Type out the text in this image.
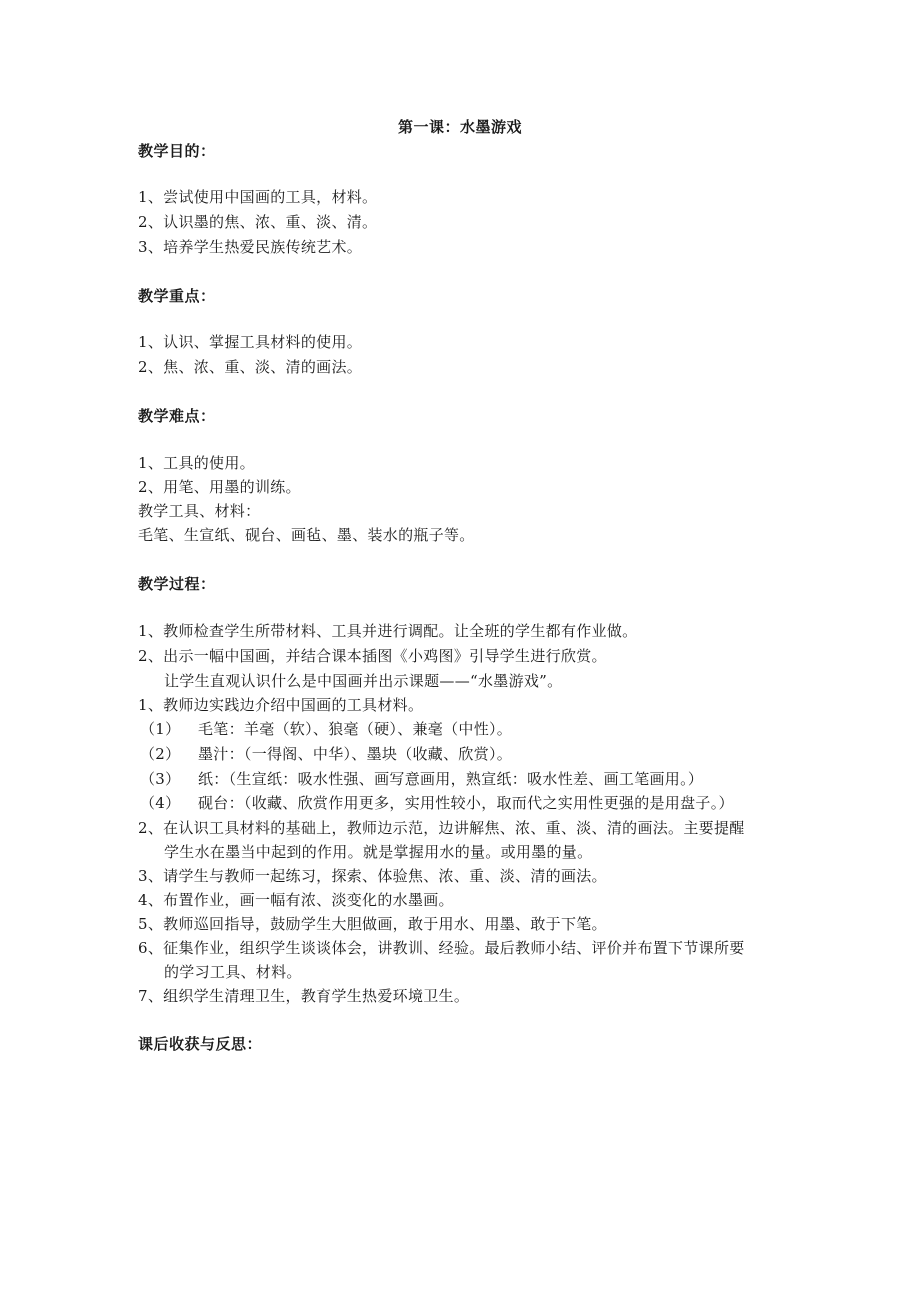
第一课：水墨游戏
教学目的：
1、尝试使用中国画的工具，材料。
2、认识墨的焦、浓、重、淡、清。
3、培养学生热爱民族传统艺术。
教学重点：
1、认识、掌握工具材料的使用。
2、焦、浓、重、淡、清的画法。
教学难点：
1、工具的使用。
2、用笔、用墨的训练。
教学工具、材料：
毛笔、生宣纸、砚台、画毡、墨、装水的瓶子等。
教学过程：
1、教师检查学生所带材料、工具并进行调配。让全班的学生都有作业做。
2、出示一幅中国画，并结合课本插图《小鸡图》引导学生进行欣赏。
让学生直观认识什么是中国画并出示课题——“水墨游戏”。
1、教师边实践边介绍中国画的工具材料。
（1） 毛笔：羊毫（软）、狼毫（硬）、兼毫（中性）。
（2） 墨汁：（一得阁、中华）、墨块（收藏、欣赏）。
（3） 纸：（生宣纸：吸水性强、画写意画用，熟宣纸：吸水性差、画工笔画用。）
（4） 砚台：（收藏、欣赏作用更多，实用性较小，取而代之实用性更强的是用盘子。）
2、在认识工具材料的基础上，教师边示范，边讲解焦、浓、重、淡、清的画法。主要提醒
学生水在墨当中起到的作用。就是掌握用水的量。或用墨的量。
3、请学生与教师一起练习，探索、体验焦、浓、重、淡、清的画法。
4、布置作业，画一幅有浓、淡变化的水墨画。
5、教师巡回指导，鼓励学生大胆做画，敢于用水、用墨、敢于下笔。
6、征集作业，组织学生谈谈体会，讲教训、经验。最后教师小结、评价并布置下节课所要
的学习工具、材料。
7、组织学生清理卫生，教育学生热爱环境卫生。
课后收获与反思：
